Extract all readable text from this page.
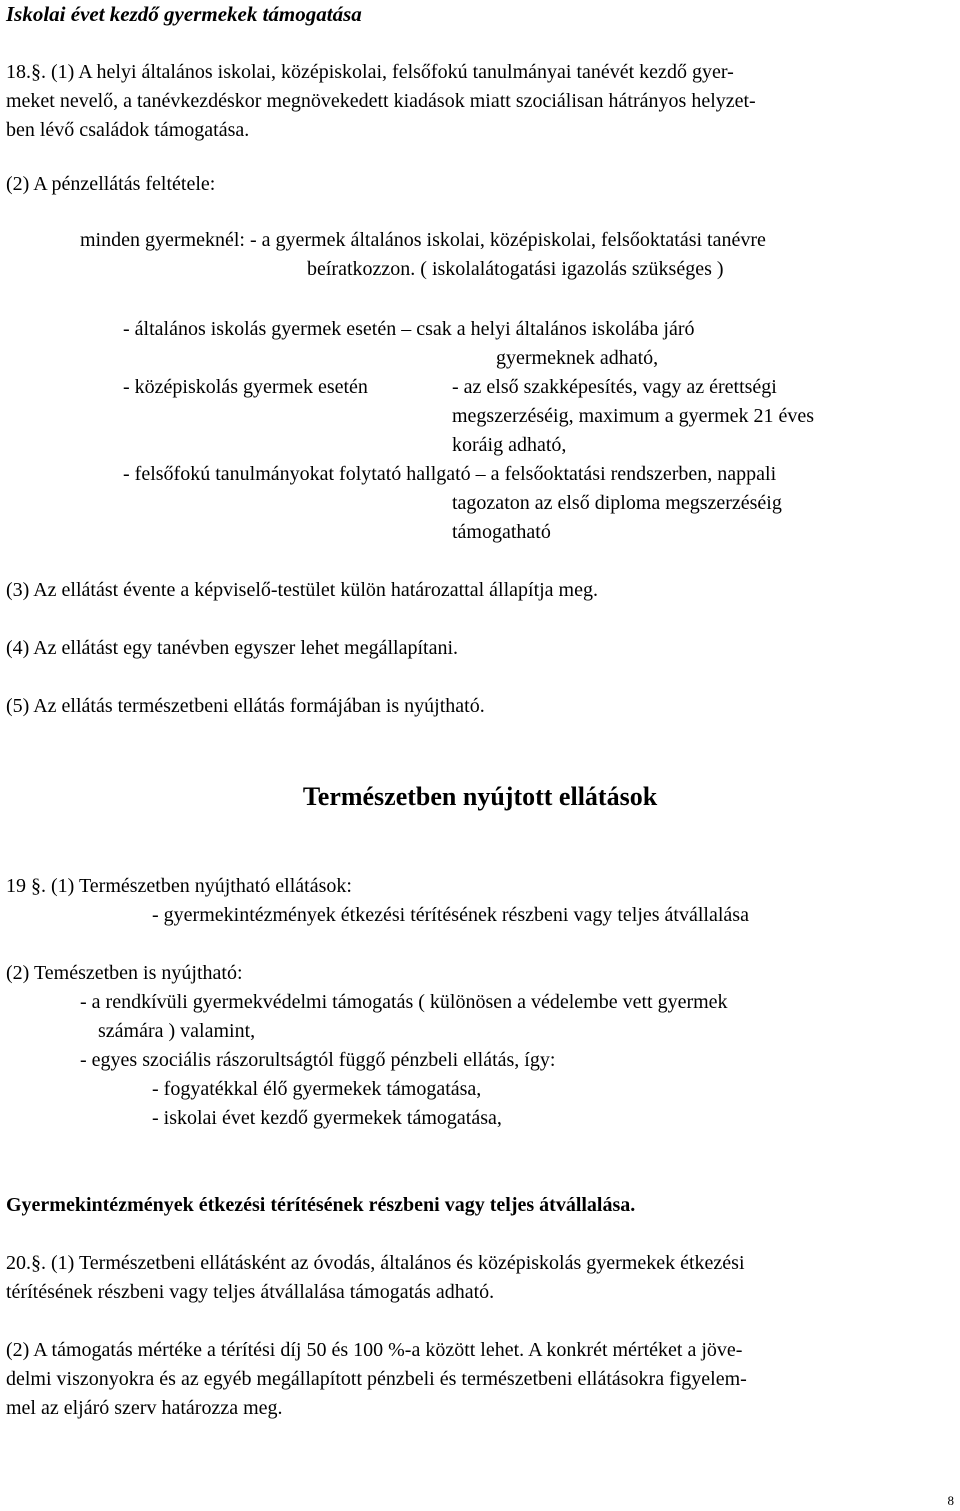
Iskolai évet kezdő gyermekek támogatása
18.§. (1) A helyi általános iskolai, középiskolai, felsőfokú tanulmányai tanévét kezdő gyer-
meket nevelő, a tanévkezdéskor megnövekedett kiadások miatt szociálisan hátrányos helyzet-
ben lévő családok támogatása.
(2) A pénzellátás feltétele:
minden gyermeknél: - a gyermek általános iskolai, középiskolai, felsőoktatási tanévre
beíratkozzon. ( iskolalátogatási igazolás szükséges )
- általános iskolás gyermek esetén – csak a helyi általános iskolába járó
gyermeknek adható,
- középiskolás gyermek esetén	- az első szakképesítés, vagy az érettségi
megszerzéséig, maximum a gyermek 21 éves
koráig adható,
- felsőfokú tanulmányokat folytató hallgató – a felsőoktatási rendszerben, nappali
tagozaton az első diploma megszerzéséig
támogatható
(3) Az ellátást évente a képviselő-testület külön határozattal állapítja meg.
(4) Az ellátást egy tanévben egyszer lehet megállapítani.
(5) Az ellátás természetbeni ellátás formájában is nyújtható.
Természetben nyújtott ellátások
19 §. (1) Természetben nyújtható ellátások:
- gyermekintézmények étkezési térítésének részbeni vagy teljes átvállalása
(2) Temészetben is nyújtható:
- a rendkívüli gyermekvédelmi támogatás ( különösen a védelembe vett gyermek
számára ) valamint,
- egyes szociális rászorultságtól függő pénzbeli ellátás, így:
- fogyatékkal élő gyermekek támogatása,
- iskolai évet kezdő gyermekek támogatása,
Gyermekintézmények étkezési térítésének részbeni vagy teljes átvállalása.
20.§. (1) Természetbeni ellátásként az óvodás, általános és középiskolás gyermekek étkezési
térítésének részbeni vagy teljes átvállalása támogatás adható.
(2) A támogatás mértéke a térítési díj 50 és 100 %-a között lehet. A konkrét mértéket a jöve-
delmi viszonyokra és az egyéb megállapított pénzbeli és természetbeni ellátásokra figyelem-
mel az eljáró szerv határozza meg.
8
